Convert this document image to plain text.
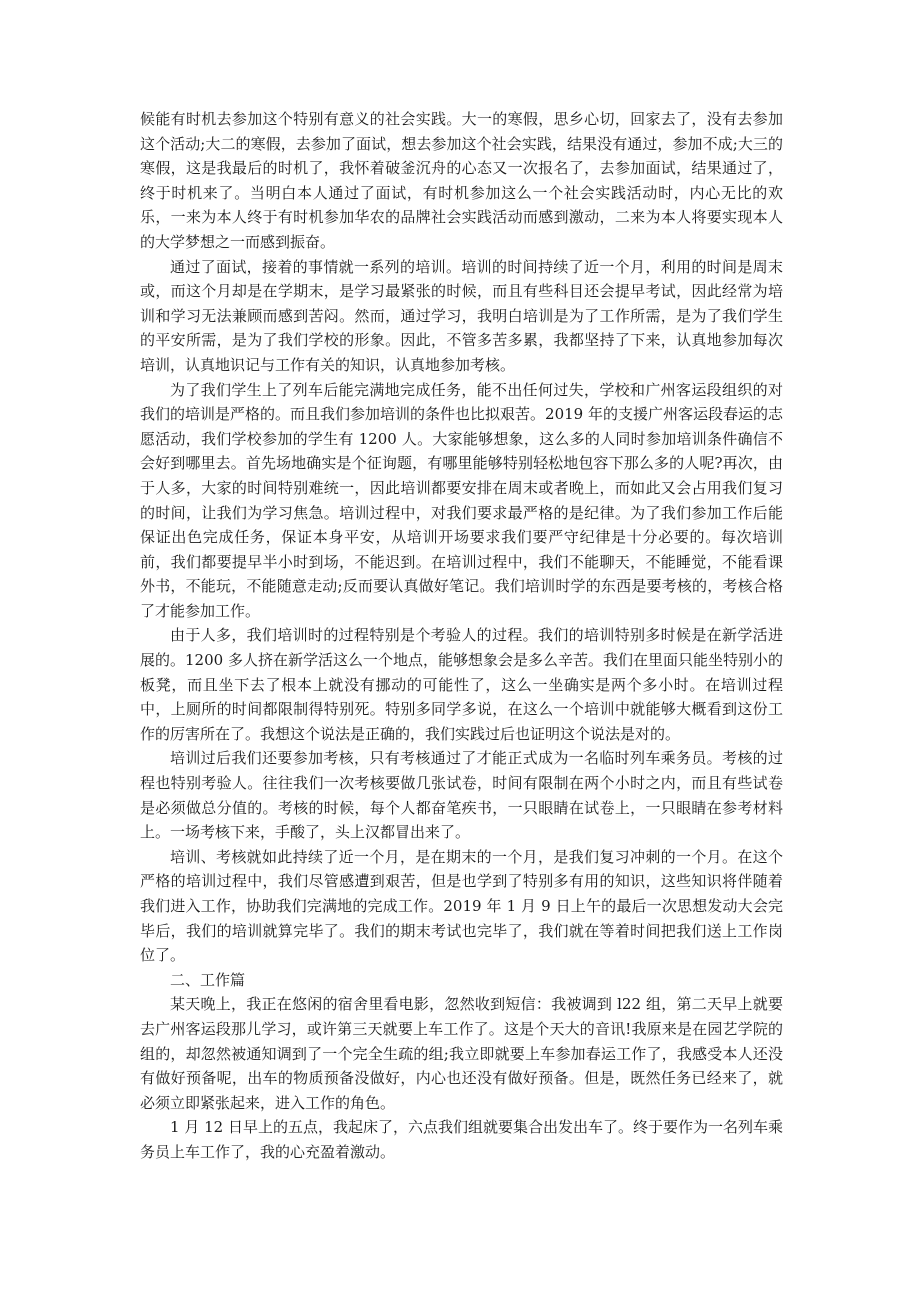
候能有时机去参加这个特别有意义的社会实践。大一的寒假，思乡心切，回家去了，没有去参加这个活动;大二的寒假，去参加了面试，想去参加这个社会实践，结果没有通过，参加不成;大三的寒假，这是我最后的时机了，我怀着破釜沉舟的心态又一次报名了，去参加面试，结果通过了，终于时机来了。当明白本人通过了面试，有时机参加这么一个社会实践活动时，内心无比的欢乐，一来为本人终于有时机参加华农的品牌社会实践活动而感到激动，二来为本人将要实现本人的大学梦想之一而感到振奋。

通过了面试，接着的事情就一系列的培训。培训的时间持续了近一个月，利用的时间是周末或，而这个月却是在学期末，是学习最紧张的时候，而且有些科目还会提早考试，因此经常为培训和学习无法兼顾而感到苦闷。然而，通过学习，我明白培训是为了工作所需，是为了我们学生的平安所需，是为了我们学校的形象。因此，不管多苦多累，我都坚持了下来，认真地参加每次培训，认真地识记与工作有关的知识，认真地参加考核。

为了我们学生上了列车后能完满地完成任务，能不出任何过失，学校和广州客运段组织的对我们的培训是严格的。而且我们参加培训的条件也比拟艰苦。2019 年的支援广州客运段春运的志愿活动，我们学校参加的学生有 1200 人。大家能够想象，这么多的人同时参加培训条件确信不会好到哪里去。首先场地确实是个征询题，有哪里能够特别轻松地包容下那么多的人呢?再次，由于人多，大家的时间特别难统一，因此培训都要安排在周末或者晚上，而如此又会占用我们复习的时间，让我们为学习焦急。培训过程中，对我们要求最严格的是纪律。为了我们参加工作后能保证出色完成任务，保证本身平安，从培训开场要求我们要严守纪律是十分必要的。每次培训前，我们都要提早半小时到场，不能迟到。在培训过程中，我们不能聊天，不能睡觉，不能看课外书，不能玩，不能随意走动;反而要认真做好笔记。我们培训时学的东西是要考核的，考核合格了才能参加工作。

由于人多，我们培训时的过程特别是个考验人的过程。我们的培训特别多时候是在新学活进展的。1200 多人挤在新学活这么一个地点，能够想象会是多么辛苦。我们在里面只能坐特别小的板凳，而且坐下去了根本上就没有挪动的可能性了，这么一坐确实是两个多小时。在培训过程中，上厕所的时间都限制得特别死。特别多同学多说，在这么一个培训中就能够大概看到这份工作的厉害所在了。我想这个说法是正确的，我们实践过后也证明这个说法是对的。

培训过后我们还要参加考核，只有考核通过了才能正式成为一名临时列车乘务员。考核的过程也特别考验人。往往我们一次考核要做几张试卷，时间有限制在两个小时之内，而且有些试卷是必须做总分值的。考核的时候，每个人都奋笔疾书，一只眼睛在试卷上，一只眼睛在参考材料上。一场考核下来，手酸了，头上汉都冒出来了。

培训、考核就如此持续了近一个月，是在期末的一个月，是我们复习冲刺的一个月。在这个严格的培训过程中，我们尽管感遭到艰苦，但是也学到了特别多有用的知识，这些知识将伴随着我们进入工作，协助我们完满地的完成工作。2019 年 1 月 9 日上午的最后一次思想发动大会完毕后，我们的培训就算完毕了。我们的期末考试也完毕了，我们就在等着时间把我们送上工作岗位了。

二、工作篇

某天晚上，我正在悠闲的宿舍里看电影，忽然收到短信：我被调到 l22 组，第二天早上就要去广州客运段那儿学习，或许第三天就要上车工作了。这是个天大的音讯!我原来是在园艺学院的组的，却忽然被通知调到了一个完全生疏的组;我立即就要上车参加春运工作了，我感受本人还没有做好预备呢，出车的物质预备没做好，内心也还没有做好预备。但是，既然任务已经来了，就必须立即紧张起来，进入工作的角色。

1 月 12 日早上的五点，我起床了，六点我们组就要集合出发出车了。终于要作为一名列车乘务员上车工作了，我的心充盈着激动。
